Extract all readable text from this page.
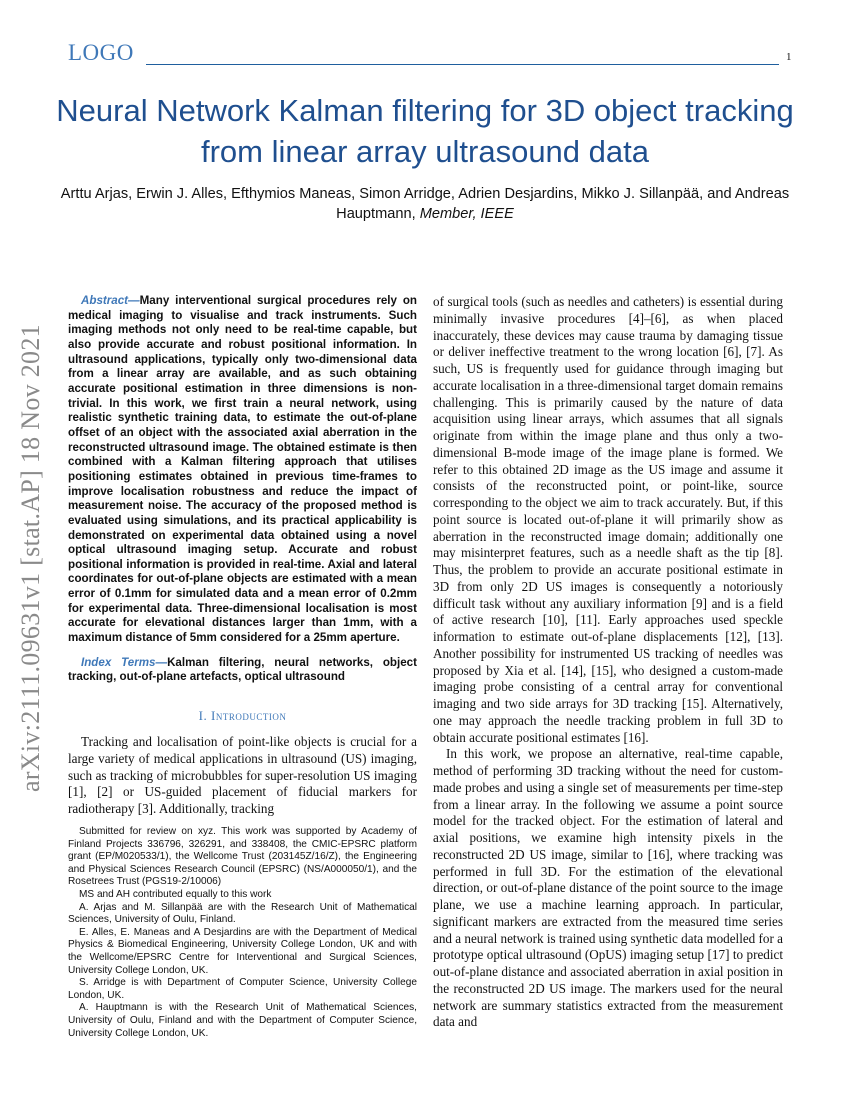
LOGO	1
Neural Network Kalman filtering for 3D object tracking from linear array ultrasound data
Arttu Arjas, Erwin J. Alles, Efthymios Maneas, Simon Arridge, Adrien Desjardins, Mikko J. Sillanpää, and Andreas Hauptmann, Member, IEEE
arXiv:2111.09631v1 [stat.AP] 18 Nov 2021

Abstract—Many interventional surgical procedures rely on medical imaging to visualise and track instruments. Such imaging methods not only need to be real-time capable, but also provide accurate and robust positional information. In ultrasound applications, typically only two-dimensional data from a linear array are available, and as such obtaining accurate positional estimation in three dimensions is non-trivial. In this work, we first train a neural network, using realistic synthetic training data, to estimate the out-of-plane offset of an object with the associated axial aberration in the reconstructed ultrasound image. The obtained estimate is then combined with a Kalman filtering approach that utilises positioning estimates obtained in previous time-frames to improve localisation robustness and reduce the impact of measurement noise. The accuracy of the proposed method is evaluated using simulations, and its practical applicability is demonstrated on experimental data obtained using a novel optical ultrasound imaging setup. Accurate and robust positional information is provided in real-time. Axial and lateral coordinates for out-of-plane objects are estimated with a mean error of 0.1mm for simulated data and a mean error of 0.2mm for experimental data. Three-dimensional localisation is most accurate for elevational distances larger than 1mm, with a maximum distance of 5mm considered for a 25mm aperture.

Index Terms—Kalman filtering, neural networks, object tracking, out-of-plane artefacts, optical ultrasound

I. Introduction

Tracking and localisation of point-like objects is crucial for a large variety of medical applications in ultrasound (US) imaging, such as tracking of microbubbles for super-resolution US imaging [1], [2] or US-guided placement of fiducial markers for radiotherapy [3]. Additionally, tracking

Submitted for review on xyz. This work was supported by Academy of Finland Projects 336796, 326291, and 338408, the CMIC-EPSRC platform grant (EP/M020533/1), the Wellcome Trust (203145Z/16/Z), the Engineering and Physical Sciences Research Council (EPSRC) (NS/A000050/1), and the Rosetrees Trust (PGS19-2/10006)

MS and AH contributed equally to this work

A. Arjas and M. Sillanpää are with the Research Unit of Mathematical Sciences, University of Oulu, Finland.

E. Alles, E. Maneas and A Desjardins are with the Department of Medical Physics & Biomedical Engineering, University College London, UK and with the Wellcome/EPSRC Centre for Interventional and Surgical Sciences, University College London, UK.

S. Arridge is with Department of Computer Science, University College London, UK.

A. Hauptmann is with the Research Unit of Mathematical Sciences, University of Oulu, Finland and with the Department of Computer Science, University College London, UK.

of surgical tools (such as needles and catheters) is essential during minimally invasive procedures [4]–[6], as when placed inaccurately, these devices may cause trauma by damaging tissue or deliver ineffective treatment to the wrong location [6], [7]. As such, US is frequently used for guidance through imaging but accurate localisation in a three-dimensional target domain remains challenging. This is primarily caused by the nature of data acquisition using linear arrays, which assumes that all signals originate from within the image plane and thus only a two-dimensional B-mode image of the image plane is formed. We refer to this obtained 2D image as the US image and assume it consists of the reconstructed point, or point-like, source corresponding to the object we aim to track accurately. But, if this point source is located out-of-plane it will primarily show as aberration in the reconstructed image domain; additionally one may misinterpret features, such as a needle shaft as the tip [8]. Thus, the problem to provide an accurate positional estimate in 3D from only 2D US images is consequently a notoriously difficult task without any auxiliary information [9] and is a field of active research [10], [11]. Early approaches used speckle information to estimate out-of-plane displacements [12], [13]. Another possibility for instrumented US tracking of needles was proposed by Xia et al. [14], [15], who designed a custom-made imaging probe consisting of a central array for conventional imaging and two side arrays for 3D tracking [15]. Alternatively, one may approach the needle tracking problem in full 3D to obtain accurate positional estimates [16].

In this work, we propose an alternative, real-time capable, method of performing 3D tracking without the need for custom-made probes and using a single set of measurements per time-step from a linear array. In the following we assume a point source model for the tracked object. For the estimation of lateral and axial positions, we examine high intensity pixels in the reconstructed 2D US image, similar to [16], where tracking was performed in full 3D. For the estimation of the elevational direction, or out-of-plane distance of the point source to the image plane, we use a machine learning approach. In particular, significant markers are extracted from the measured time series and a neural network is trained using synthetic data modelled for a prototype optical ultrasound (OpUS) imaging setup [17] to predict out-of-plane distance and associated aberration in axial position in the reconstructed 2D US image. The markers used for the neural network are summary statistics extracted from the measurement data and
